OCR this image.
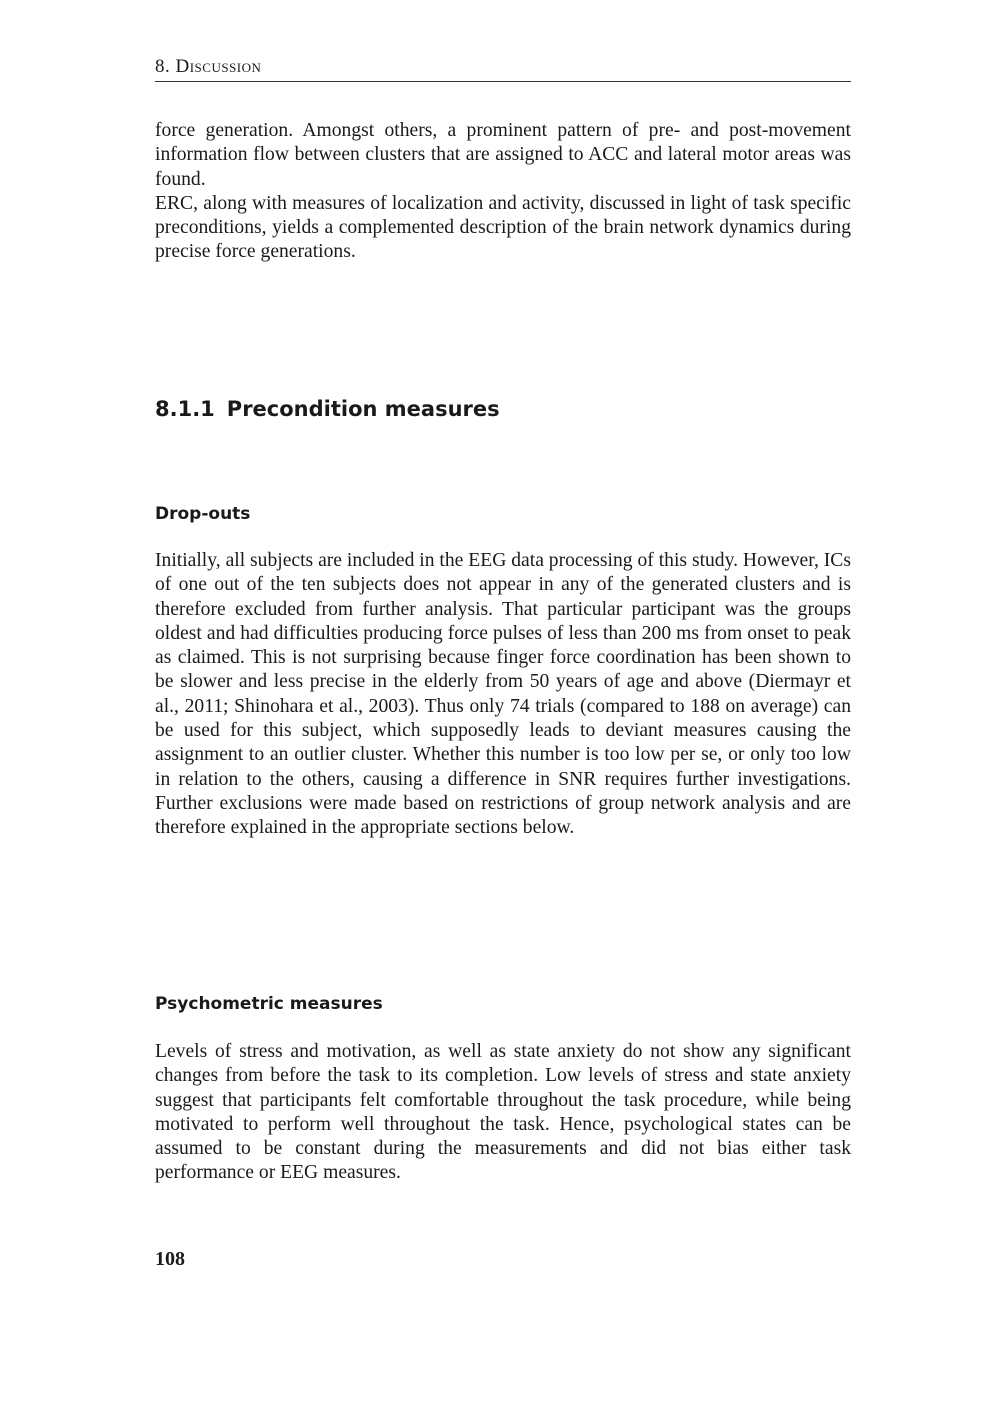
8. Discussion

force generation. Amongst others, a prominent pattern of pre- and post-movement information flow between clusters that are assigned to ACC and lateral motor areas was found.

ERC, along with measures of localization and activity, discussed in light of task specific preconditions, yields a complemented description of the brain network dynamics during precise force generations.

8.1.1 Precondition measures
Drop-outs

Initially, all subjects are included in the EEG data processing of this study. However, ICs of one out of the ten subjects does not appear in any of the generated clusters and is therefore excluded from further analysis. That particular participant was the groups oldest and had difficulties producing force pulses of less than 200 ms from onset to peak as claimed. This is not surprising because finger force coordination has been shown to be slower and less precise in the elderly from 50 years of age and above (Diermayr et al., 2011; Shinohara et al., 2003). Thus only 74 trials (compared to 188 on average) can be used for this subject, which supposedly leads to deviant measures causing the assignment to an outlier cluster. Whether this number is too low per se, or only too low in relation to the others, causing a difference in SNR requires further investigations. Further exclusions were made based on restrictions of group network analysis and are therefore explained in the appropriate sections below.

Psychometric measures

Levels of stress and motivation, as well as state anxiety do not show any significant changes from before the task to its completion. Low levels of stress and state anxiety suggest that participants felt comfortable throughout the task procedure, while being motivated to perform well throughout the task. Hence, psychological states can be assumed to be constant during the measurements and did not bias either task performance or EEG measures.

108
